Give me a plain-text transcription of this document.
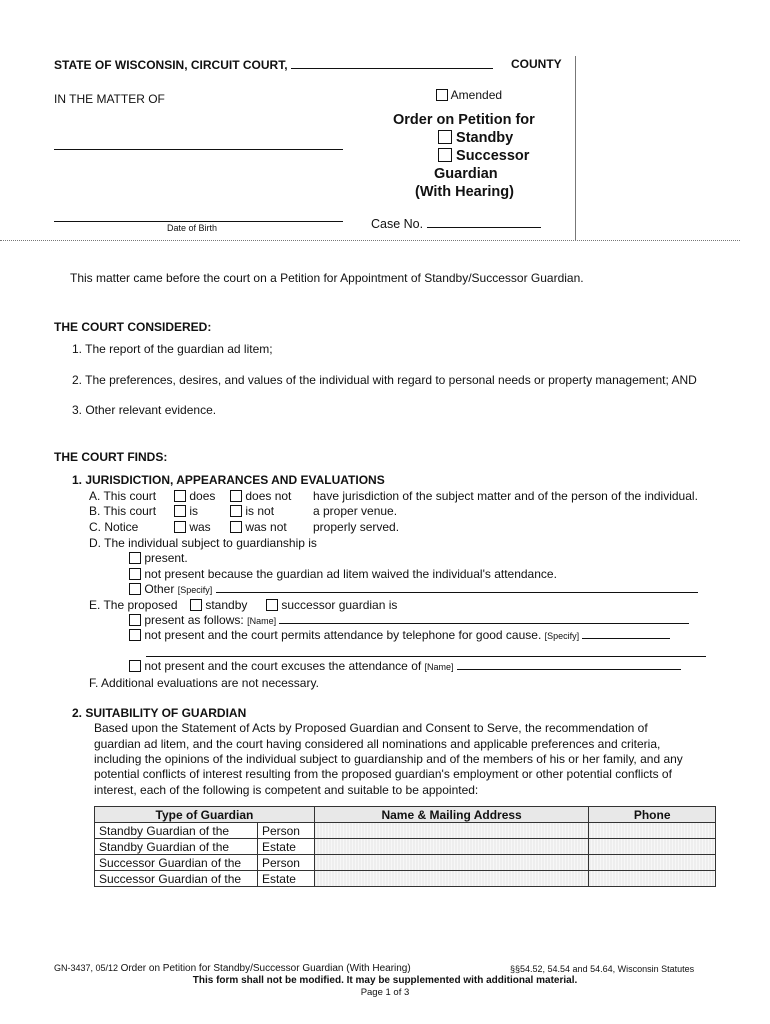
STATE OF WISCONSIN, CIRCUIT COURT,	COUNTY
IN THE MATTER OF
Date of Birth
Amended
Order on Petition for
Standby
Successor
Guardian
(With Hearing)
Case No.
This matter came before the court on a Petition for Appointment of Standby/Successor Guardian.
THE COURT CONSIDERED:
1. The report of the guardian ad litem;
2. The preferences, desires, and values of the individual with regard to personal needs or property management; AND
3. Other relevant evidence.
THE COURT FINDS:
1. JURISDICTION, APPEARANCES AND EVALUATIONS
A. This court	does	does not have jurisdiction of the subject matter and of the person of the individual.
B. This court	is	is not	a proper venue.
C. Notice	was	was not properly served.
D. The individual subject to guardianship is
present.
not present because the guardian ad litem waived the individual's attendance.
Other [Specify]
E. The proposed	standby	successor guardian is
present as follows: [Name]
not present and the court permits attendance by telephone for good cause. [Specify]
not present and the court excuses the attendance of [Name]
F. Additional evaluations are not necessary.
2. SUITABILITY OF GUARDIAN
Based upon the Statement of Acts by Proposed Guardian and Consent to Serve, the recommendation of
guardian ad litem, and the court having considered all nominations and applicable preferences and criteria,
including the opinions of the individual subject to guardianship and of the members of his or her family, and any
potential conflicts of interest resulting from the proposed guardian's employment or other potential conflicts of
interest, each of the following is competent and suitable to be appointed:
Type of Guardian		Name & Mailing Address	Phone
Standby Guardian of the	Person		
Standby Guardian of the	Estate		
Successor Guardian of the	Person		
Successor Guardian of the	Estate		
GN-3437, 05/12 Order on Petition for Standby/Successor Guardian (With Hearing)	§§54.52, 54.54 and 54.64, Wisconsin Statutes
This form shall not be modified. It may be supplemented with additional material.
Page 1 of 3
